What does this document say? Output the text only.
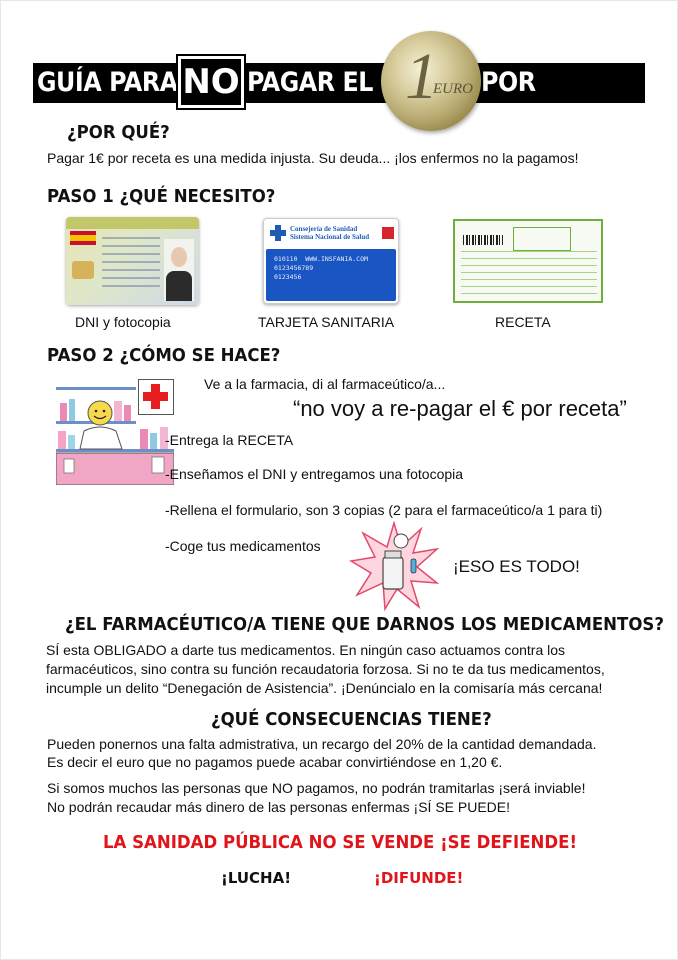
GUÍA PARA	PAGAR EL	POR RECETA
NO	1
EURO
¿POR QUÉ?
Pagar 1€ por receta es una medida injusta. Su deuda... ¡los enfermos no la pagamos!
PASO 1 ¿QUÉ NECESITO?
Consejería de Sanidad
Sistema Nacional de Salud
010110  WWW.INSFANIA.COM
0123456789
0123456
DNI y fotocopia	TARJETA SANITARIA	RECETA
PASO 2 ¿CÓMO SE HACE?
Ve a la farmacia, di al farmaceútico/a...
“no voy a re-pagar el € por receta”
-Entrega la RECETA
-Enseñamos el DNI y entregamos una fotocopia
-Rellena el formulario, son 3 copias (2 para el farmaceútico/a 1 para ti)
-Coge tus medicamentos
¡ESO ES TODO!
¿EL FARMACÉUTICO/A TIENE QUE DARNOS LOS MEDICAMENTOS?
SÍ esta OBLIGADO a darte tus medicamentos. En ningún caso actuamos contra los
farmacéuticos, sino contra su función recaudatoria forzosa. Si no te da tus medicamentos,
incumple un delito “Denegación de Asistencia”. ¡Denúncialo en la comisaría más cercana!
¿QUÉ CONSECUENCIAS TIENE?
Pueden ponernos una falta admistrativa, un recargo del 20% de la cantidad demandada.
Es decir el euro que no pagamos puede acabar convirtiéndose en 1,20 €.
Si somos muchos las personas que NO pagamos, no podrán tramitarlas ¡será inviable!
No podrán recaudar más dinero de las personas enfermas ¡SÍ SE PUEDE!
LA SANIDAD PÚBLICA NO SE VENDE ¡SE DEFIENDE!
¡LUCHA!	¡DIFUNDE!
